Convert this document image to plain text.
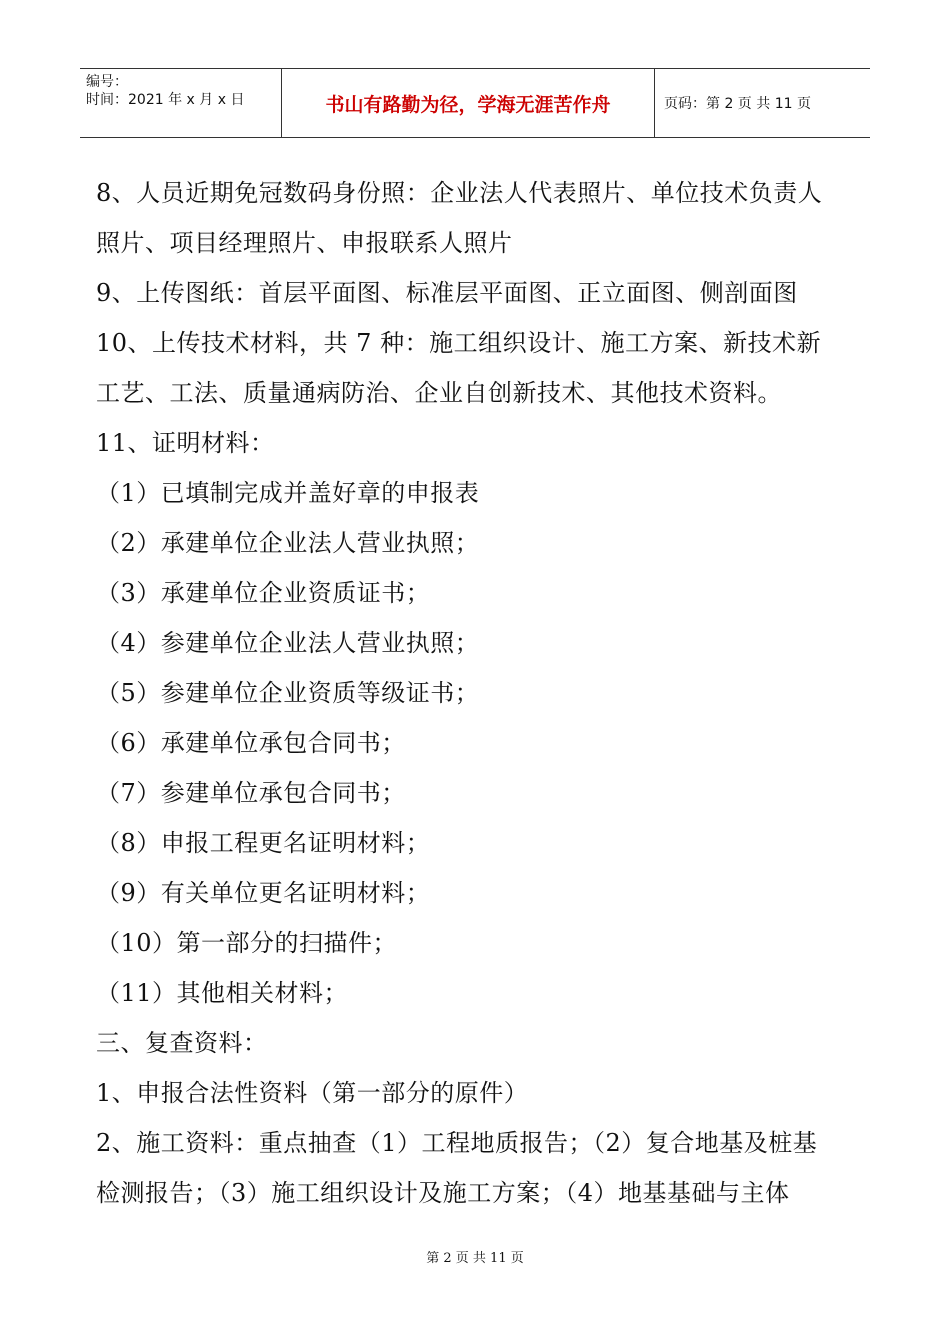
编号：
时间：2021 年 x 月 x 日	书山有路勤为径，学海无涯苦作舟	页码：第 2 页 共 11 页
8、人员近期免冠数码身份照：企业法人代表照片、单位技术负责人
照片、项目经理照片、申报联系人照片
9、上传图纸：首层平面图、标准层平面图、正立面图、侧剖面图
10、上传技术材料，共 7 种：施工组织设计、施工方案、新技术新
工艺、工法、质量通病防治、企业自创新技术、其他技术资料。
11、证明材料：
（1）已填制完成并盖好章的申报表
（2）承建单位企业法人营业执照；
（3）承建单位企业资质证书；
（4）参建单位企业法人营业执照；
（5）参建单位企业资质等级证书；
（6）承建单位承包合同书；
（7）参建单位承包合同书；
（8）申报工程更名证明材料；
（9）有关单位更名证明材料；
（10）第一部分的扫描件；
（11）其他相关材料；
三、复查资料：
1、申报合法性资料（第一部分的原件）
2、施工资料：重点抽查（1）工程地质报告；（2）复合地基及桩基
检测报告；（3）施工组织设计及施工方案；（4）地基基础与主体
第 2 页 共 11 页
